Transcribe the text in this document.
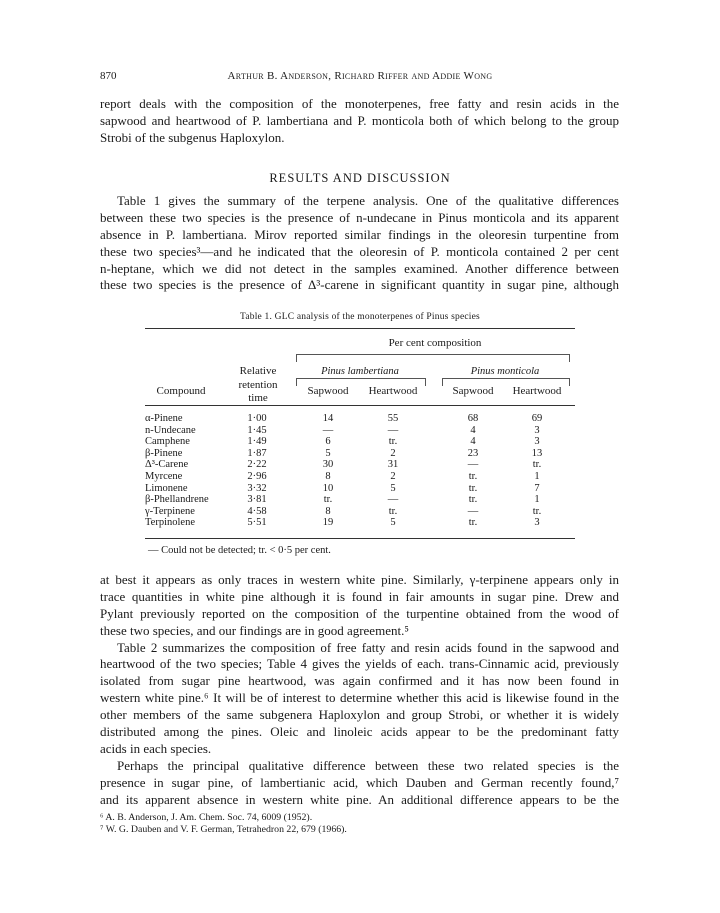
870	Arthur B. Anderson, Richard Riffer and Addie Wong

report deals with the composition of the monoterpenes, free fatty and resin acids in the
sapwood and heartwood of P. lambertiana and P. monticola both of which belong to the group
Strobi of the subgenus Haploxylon.

RESULTS AND DISCUSSION

Table 1 gives the summary of the terpene analysis. One of the qualitative differences
between these two species is the presence of n-undecane in Pinus monticola and its apparent
absence in P. lambertiana. Mirov reported similar findings in the oleoresin turpentine from
these two species³—and he indicated that the oleoresin of P. monticola contained 2 per cent
n-heptane, which we did not detect in the samples examined. Another difference between
these two species is the presence of Δ³-carene in significant quantity in sugar pine, although

Table 1. GLC analysis of the monoterpenes of Pinus species
Per cent composition
Pinus lambertiana	Pinus monticola
Relative
retention
time
Compound	Sapwood	Heartwood	Sapwood	Heartwood
α-Pinene	1·00	14	55	68	69
n-Undecane	1·45	—	—	4	3
Camphene	1·49	6	tr.	4	3
β-Pinene	1·87	5	2	23	13
Δ³-Carene	2·22	30	31	—	tr.
Myrcene	2·96	8	2	tr.	1
Limonene	3·32	10	5	tr.	7
β-Phellandrene	3·81	tr.	—	tr.	1
γ-Terpinene	4·58	8	tr.	—	tr.
Terpinolene	5·51	19	5	tr.	3
— Could not be detected; tr. < 0·5 per cent.

at best it appears as only traces in western white pine. Similarly, γ-terpinene appears only in
trace quantities in white pine although it is found in fair amounts in sugar pine. Drew and
Pylant previously reported on the composition of the turpentine obtained from the wood of
these two species, and our findings are in good agreement.⁵
Table 2 summarizes the composition of free fatty and resin acids found in the sapwood and
heartwood of the two species; Table 4 gives the yields of each. trans-Cinnamic acid, previously
isolated from sugar pine heartwood, was again confirmed and it has now been found in
western white pine.⁶ It will be of interest to determine whether this acid is likewise found in the
other members of the same subgenera Haploxylon and group Strobi, or whether it is widely
distributed among the pines. Oleic and linoleic acids appear to be the predominant fatty
acids in each species.
Perhaps the principal qualitative difference between these two related species is the
presence in sugar pine, of lambertianic acid, which Dauben and German recently found,⁷
and its apparent absence in western white pine. An additional difference appears to be the

⁶ A. B. Anderson, J. Am. Chem. Soc. 74, 6009 (1952).
⁷ W. G. Dauben and V. F. German, Tetrahedron 22, 679 (1966).
